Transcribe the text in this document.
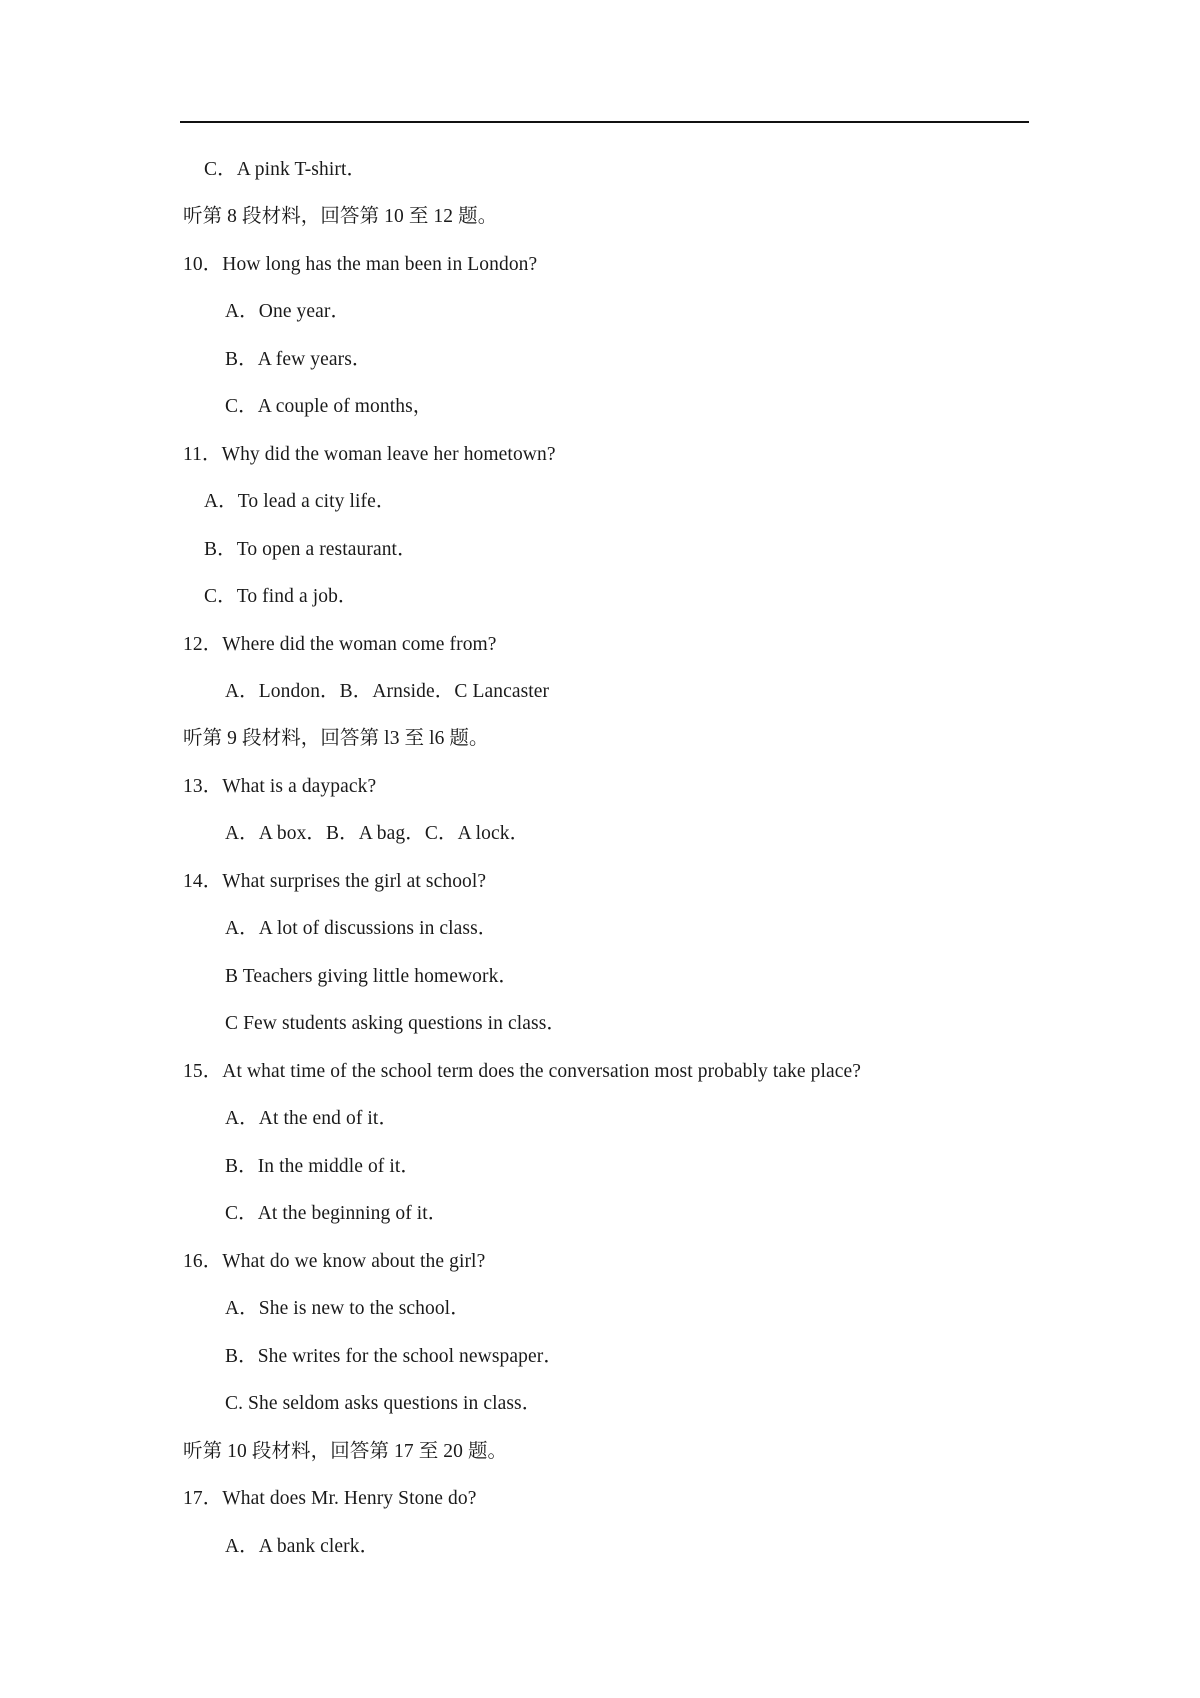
C．A pink T-shirt．
听第 8 段材料，回答第 10 至 12 题。
10．How long has the man been in London?
A．One year．
B．A few years．
C．A couple of months，
11．Why did the woman leave her hometown?
A．To lead a city life．
B．To open a restaurant．
C．To find a job．
12．Where did the woman come from?
A．London．B．Arnside．C Lancaster
听第 9 段材料，回答第 l3 至 l6 题。
13．What is a daypack?
A．A box．B．A bag．C．A lock．
14．What surprises the girl at school?
A．A lot of discussions in class．
B Teachers giving little homework．
C Few students asking questions in class．
15．At what time of the school term does the conversation most probably take place?
A．At the end of it．
B．In the middle of it．
C．At the beginning of it．
16．What do we know about the girl?
A．She is new to the school．
B．She writes for the school newspaper．
C. She seldom asks questions in class．
听第 10 段材料，回答第 17 至 20 题。
17．What does Mr. Henry Stone do?
A．A bank clerk．
